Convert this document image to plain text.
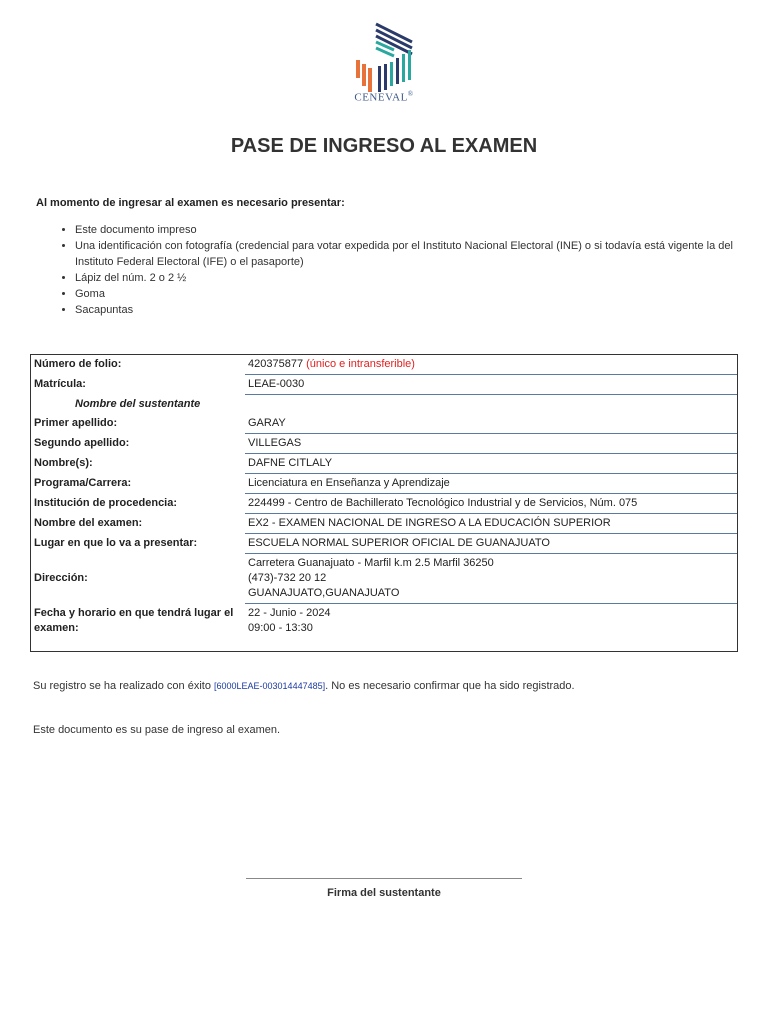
CENEVAL®
PASE DE INGRESO AL EXAMEN
Al momento de ingresar al examen es necesario presentar:
• Este documento impreso
• Una identificación con fotografía (credencial para votar expedida por el Instituto Nacional Electoral (INE) o si todavía está vigente la del Instituto Federal Electoral (IFE) o el pasaporte)
• Lápiz del núm. 2 o 2 ½
• Goma
• Sacapuntas
Número de folio:	420375877 (único e intransferible)
Matrícula:	LEAE-0030
Nombre del sustentante	
Primer apellido:	GARAY
Segundo apellido:	VILLEGAS
Nombre(s):	DAFNE CITLALY
Programa/Carrera:	Licenciatura en Enseñanza y Aprendizaje
Institución de procedencia:	224499 - Centro de Bachillerato Tecnológico Industrial y de Servicios, Núm. 075
Nombre del examen:	EX2 - EXAMEN NACIONAL DE INGRESO A LA EDUCACIÓN SUPERIOR
Lugar en que lo va a presentar:	ESCUELA NORMAL SUPERIOR OFICIAL DE GUANAJUATO
Dirección:	Carretera Guanajuato - Marfil k.m 2.5 Marfil 36250
(473)-732 20 12
GUANAJUATO,GUANAJUATO

Fecha y horario en que tendrá lugar el examen:	22 - Junio - 2024
09:00 - 13:30
Su registro se ha realizado con éxito [6000LEAE-003014447485]. No es necesario confirmar que ha sido registrado.
Este documento es su pase de ingreso al examen.
Firma del sustentante
